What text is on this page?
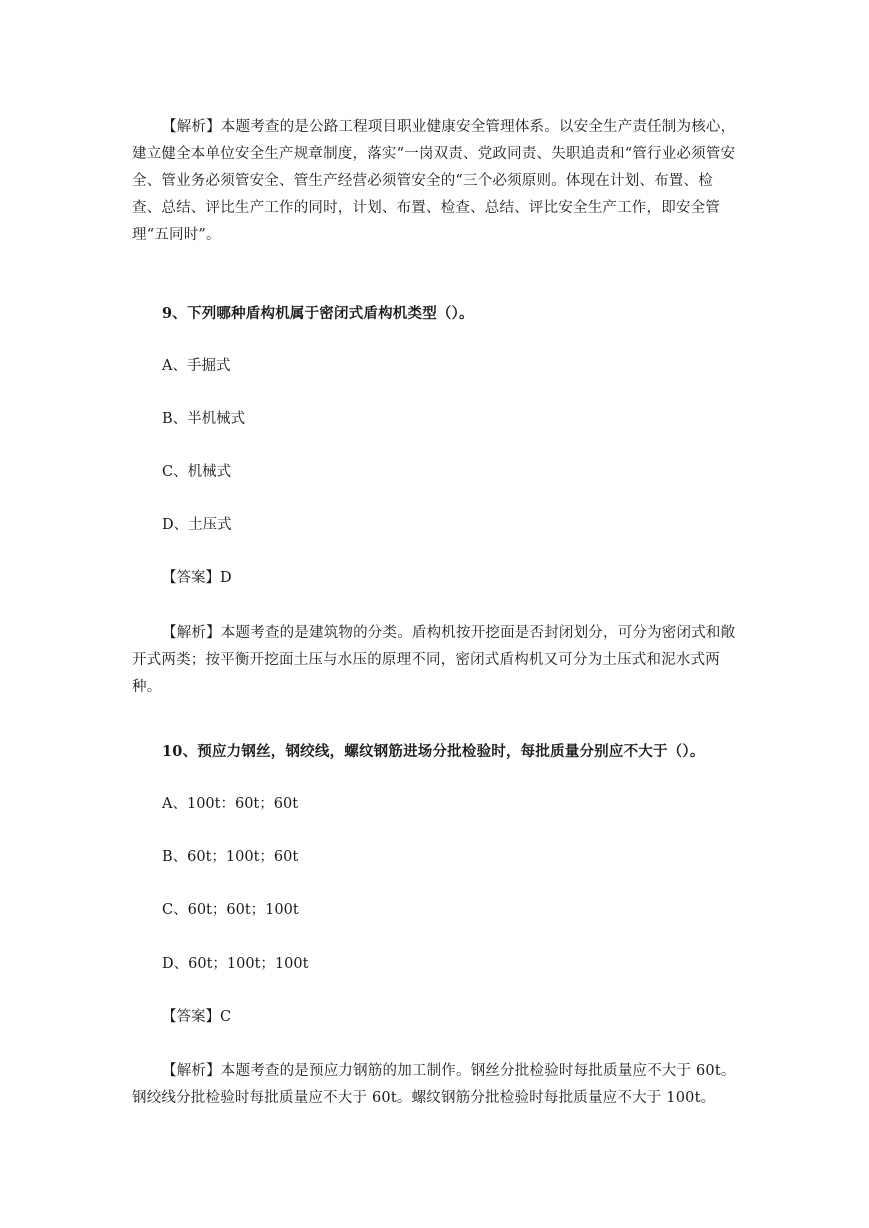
【解析】本题考查的是公路工程项目职业健康安全管理体系。以安全生产责任制为核心，建立健全本单位安全生产规章制度，落实“一岗双责、党政同责、失职追责和“管行业必须管安全、管业务必须管安全、管生产经营必须管安全的“三个必须原则。体现在计划、布置、检查、总结、评比生产工作的同时，计划、布置、检查、总结、评比安全生产工作，即安全管理“五同时”。
9、下列哪种盾构机属于密闭式盾构机类型（）。
A、手掘式
B、半机械式
C、机械式
D、土压式
【答案】D
【解析】本题考查的是建筑物的分类。盾构机按开挖面是否封闭划分，可分为密闭式和敞开式两类；按平衡开挖面土压与水压的原理不同，密闭式盾构机又可分为土压式和泥水式两种。
10、预应力钢丝，钢绞线，螺纹钢筋进场分批检验时，每批质量分别应不大于（）。
A、100t：60t；60t
B、60t；100t；60t
C、60t；60t；100t
D、60t；100t；100t
【答案】C
【解析】本题考查的是预应力钢筋的加工制作。钢丝分批检验时每批质量应不大于 60t。钢绞线分批检验时每批质量应不大于 60t。螺纹钢筋分批检验时每批质量应不大于 100t。
